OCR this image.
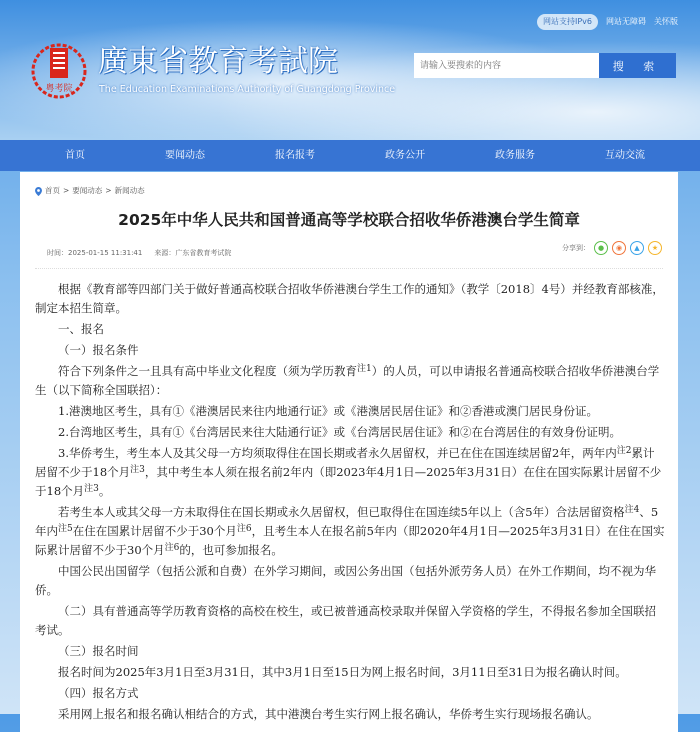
网站支持IPv6	网站无障碍 关怀版
粤考院
廣東省教育考試院
The Education Examinations Authority of Guangdong Province
请输入要搜索的内容
搜 索
首页	要闻动态	报名报考	政务公开	政务服务	互动交流
首页 > 要闻动态 > 新闻动态
2025年中华人民共和国普通高等学校联合招收华侨港澳台学生简章
时间：2025-01-15 11:31:41 来源：广东省教育考试院
分享到：	●	◉	▲	★

根据《教育部等四部门关于做好普通高校联合招收华侨港澳台学生工作的通知》（教学〔2018〕4号）并经教育部核准，制定本招生简章。

一、报名

（一）报名条件

符合下列条件之一且具有高中毕业文化程度（须为学历教育$^{注1}$）的人员，可以申请报名普通高校联合招收华侨港澳台学生（以下简称全国联招）：

1.港澳地区考生，具有①《港澳居民来往内地通行证》或《港澳居民居住证》和②香港或澳门居民身份证。

2.台湾地区考生，具有①《台湾居民来往大陆通行证》或《台湾居民居住证》和②在台湾居住的有效身份证明。

3.华侨考生，考生本人及其父母一方均须取得住在国长期或者永久居留权，并已在住在国连续居留2年，两年内$^{注2}$累计居留不少于18个月$^{注3}$，其中考生本人须在报名前2年内（即2023年4月1日—2025年3月31日）在住在国实际累计居留不少于18个月$^{注3}$。

若考生本人或其父母一方未取得住在国长期或永久居留权，但已取得住在国连续5年以上（含5年）合法居留资格$^{注4}$、5年内$^{注5}$在住在国累计居留不少于30个月$^{注6}$，且考生本人在报名前5年内（即2020年4月1日—2025年3月31日）在住在国实际累计居留不少于30个月$^{注6}$的，也可参加报名。

中国公民出国留学（包括公派和自费）在外学习期间，或因公务出国（包括外派劳务人员）在外工作期间，均不视为华侨。

（二）具有普通高等学历教育资格的高校在校生，或已被普通高校录取并保留入学资格的学生，不得报名参加全国联招考试。

（三）报名时间

报名时间为2025年3月1日至3月31日，其中3月1日至15日为网上报名时间，3月11日至31日为报名确认时间。

（四）报名方式

采用网上报名和报名确认相结合的方式，其中港澳台考生实行网上报名确认，华侨考生实行现场报名确认。
